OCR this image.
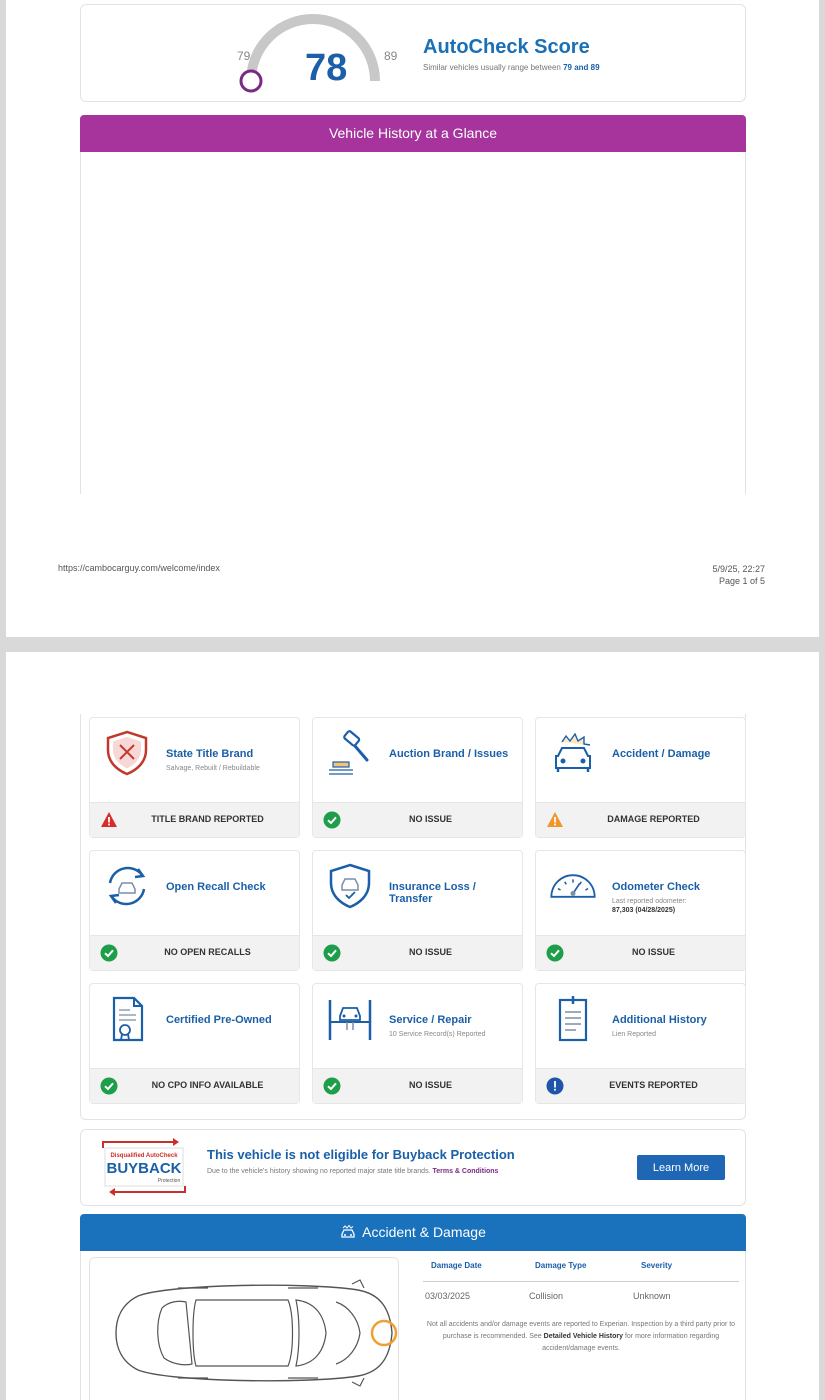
79	89
78	AutoCheck Score
Similar vehicles usually range between 79 and 89
Vehicle History at a Glance
https://cambocarguy.com/welcome/index	5/9/25, 22:27
Page 1 of 5
State Title Brand
Salvage, Rebuilt / Rebuildable
TITLE BRAND REPORTED
Auction Brand / Issues
NO ISSUE
Accident / Damage
DAMAGE REPORTED
Open Recall Check
NO OPEN RECALLS
Insurance Loss / Transfer
NO ISSUE
Odometer Check
Last reported odometer:
87,303 (04/28/2025)
NO ISSUE
Certified Pre-Owned
NO CPO INFO AVAILABLE
Service / Repair
10 Service Record(s) Reported
NO ISSUE
Additional History
Lien Reported
EVENTS REPORTED
Disqualified AutoCheck
BUYBACK
Protection
This vehicle is not eligible for Buyback Protection
Due to the vehicle's history showing no reported major state title brands. Terms & Conditions	Learn More
Accident & Damage
Damage Date	Damage Type	Severity
03/03/2025	Collision	Unknown
Not all accidents and/or damage events are reported to Experian. Inspection by a third party prior to purchase is recommended. See Detailed Vehicle History for more information regarding accident/damage events.
